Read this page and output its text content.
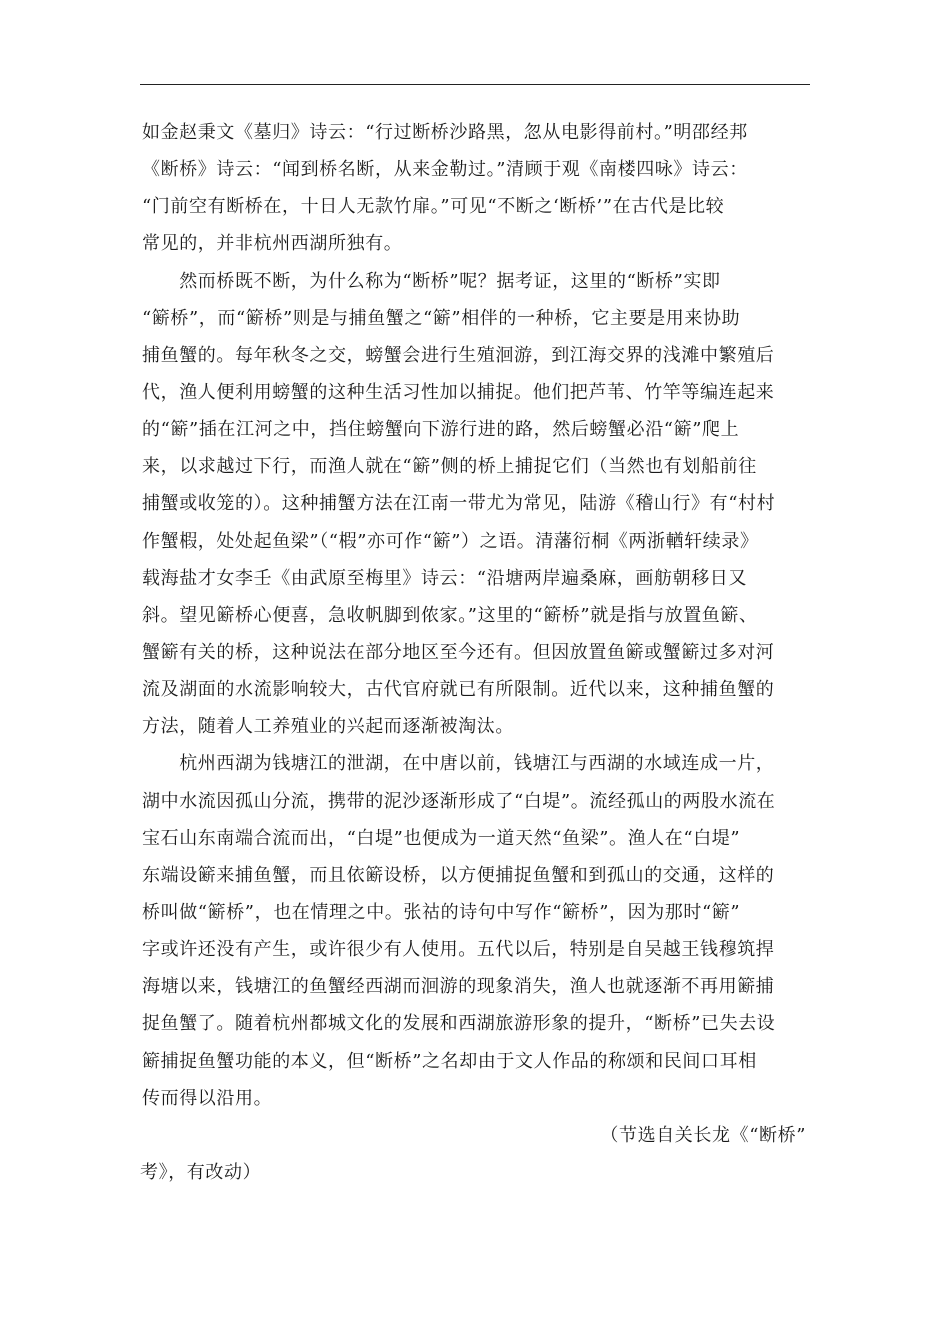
如金赵秉文《墓归》诗云：“行过断桥沙路黑，忽从电影得前村。”明邵经邦
《断桥》诗云：“闻到桥名断，从来金勒过。”清顾于观《南楼四咏》诗云：
“门前空有断桥在，十日人无款竹扉。”可见“不断之‘断桥’”在古代是比较
常见的，并非杭州西湖所独有。
　　然而桥既不断，为什么称为“断桥”呢？据考证，这里的“断桥”实即
“簖桥”，而“簖桥”则是与捕鱼蟹之“簖”相伴的一种桥，它主要是用来协助
捕鱼蟹的。每年秋冬之交，螃蟹会进行生殖洄游，到江海交界的浅滩中繁殖后
代，渔人便利用螃蟹的这种生活习性加以捕捉。他们把芦苇、竹竿等编连起来
的“簖”插在江河之中，挡住螃蟹向下游行进的路，然后螃蟹必沿“簖”爬上
来，以求越过下行，而渔人就在“簖”侧的桥上捕捉它们（当然也有划船前往
捕蟹或收笼的）。这种捕蟹方法在江南一带尤为常见，陆游《稽山行》有“村村
作蟹椵，处处起鱼梁”（“椵”亦可作“簖”）之语。清藩衍桐《两浙輶轩续录》
载海盐才女李壬《由武原至梅里》诗云：“沿塘两岸遍桑麻，画舫朝移日又
斜。望见簖桥心便喜，急收帆脚到侬家。”这里的“簖桥”就是指与放置鱼簖、
蟹簖有关的桥，这种说法在部分地区至今还有。但因放置鱼簖或蟹簖过多对河
流及湖面的水流影响较大，古代官府就已有所限制。近代以来，这种捕鱼蟹的
方法，随着人工养殖业的兴起而逐渐被淘汰。
　　杭州西湖为钱塘江的泄湖，在中唐以前，钱塘江与西湖的水域连成一片，
湖中水流因孤山分流，携带的泥沙逐渐形成了“白堤”。流经孤山的两股水流在
宝石山东南端合流而出，“白堤”也便成为一道天然“鱼梁”。渔人在“白堤”
东端设簖来捕鱼蟹，而且依簖设桥，以方便捕捉鱼蟹和到孤山的交通，这样的
桥叫做“簖桥”，也在情理之中。张祜的诗句中写作“簖桥”，因为那时“簖”
字或许还没有产生，或许很少有人使用。五代以后，特别是自吴越王钱穆筑捍
海塘以来，钱塘江的鱼蟹经西湖而洄游的现象消失，渔人也就逐渐不再用簖捕
捉鱼蟹了。随着杭州都城文化的发展和西湖旅游形象的提升，“断桥”已失去设
簖捕捉鱼蟹功能的本义，但“断桥”之名却由于文人作品的称颂和民间口耳相
传而得以沿用。
（节选自关长龙《“断桥”
考》，有改动）
